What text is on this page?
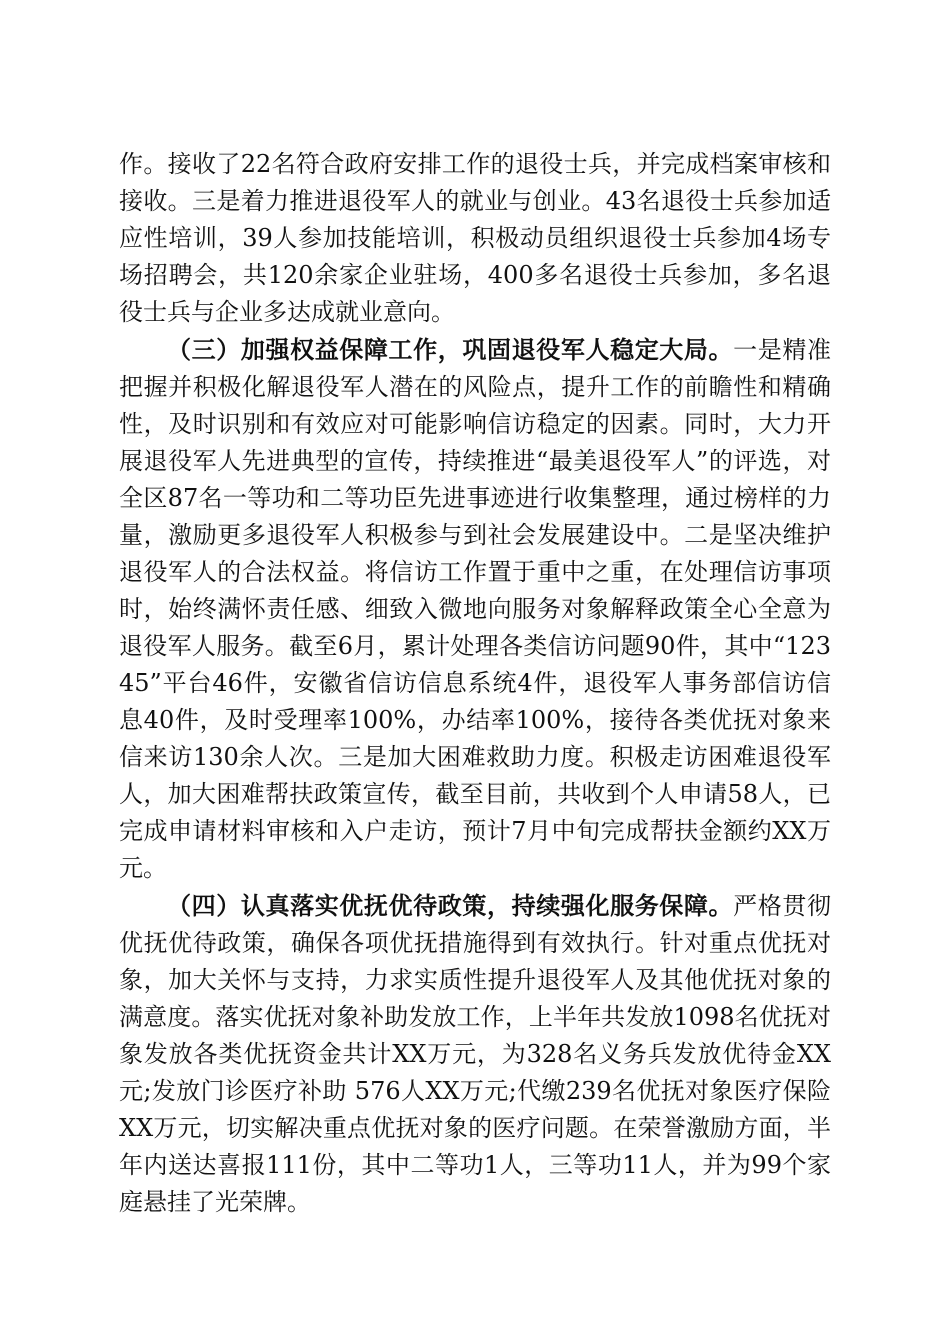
作。接收了22名符合政府安排工作的退役士兵，并完成档案审核和接收。三是着力推进退役军人的就业与创业。43名退役士兵参加适应性培训，39人参加技能培训，积极动员组织退役士兵参加4场专场招聘会，共120余家企业驻场，400多名退役士兵参加，多名退役士兵与企业多达成就业意向。

（三）加强权益保障工作，巩固退役军人稳定大局。一是精准把握并积极化解退役军人潜在的风险点，提升工作的前瞻性和精确性，及时识别和有效应对可能影响信访稳定的因素。同时，大力开展退役军人先进典型的宣传，持续推进“最美退役军人”的评选，对全区87名一等功和二等功臣先进事迹进行收集整理，通过榜样的力量，激励更多退役军人积极参与到社会发展建设中。二是坚决维护退役军人的合法权益。将信访工作置于重中之重，在处理信访事项时，始终满怀责任感、细致入微地向服务对象解释政策全心全意为退役军人服务。截至6月，累计处理各类信访问题90件，其中“12345”平台46件，安徽省信访信息系统4件，退役军人事务部信访信息40件，及时受理率100%，办结率100%，接待各类优抚对象来信来访130余人次。三是加大困难救助力度。积极走访困难退役军人，加大困难帮扶政策宣传，截至目前，共收到个人申请58人，已完成申请材料审核和入户走访，预计7月中旬完成帮扶金额约XX万元。

（四）认真落实优抚优待政策，持续强化服务保障。严格贯彻优抚优待政策，确保各项优抚措施得到有效执行。针对重点优抚对象，加大关怀与支持，力求实质性提升退役军人及其他优抚对象的满意度。落实优抚对象补助发放工作，上半年共发放1098名优抚对象发放各类优抚资金共计XX万元，为328名义务兵发放优待金XX元;发放门诊医疗补助 576人XX万元;代缴239名优抚对象医疗保险XX万元，切实解决重点优抚对象的医疗问题。在荣誉激励方面，半年内送达喜报111份，其中二等功1人，三等功11人，并为99个家庭悬挂了光荣牌。
